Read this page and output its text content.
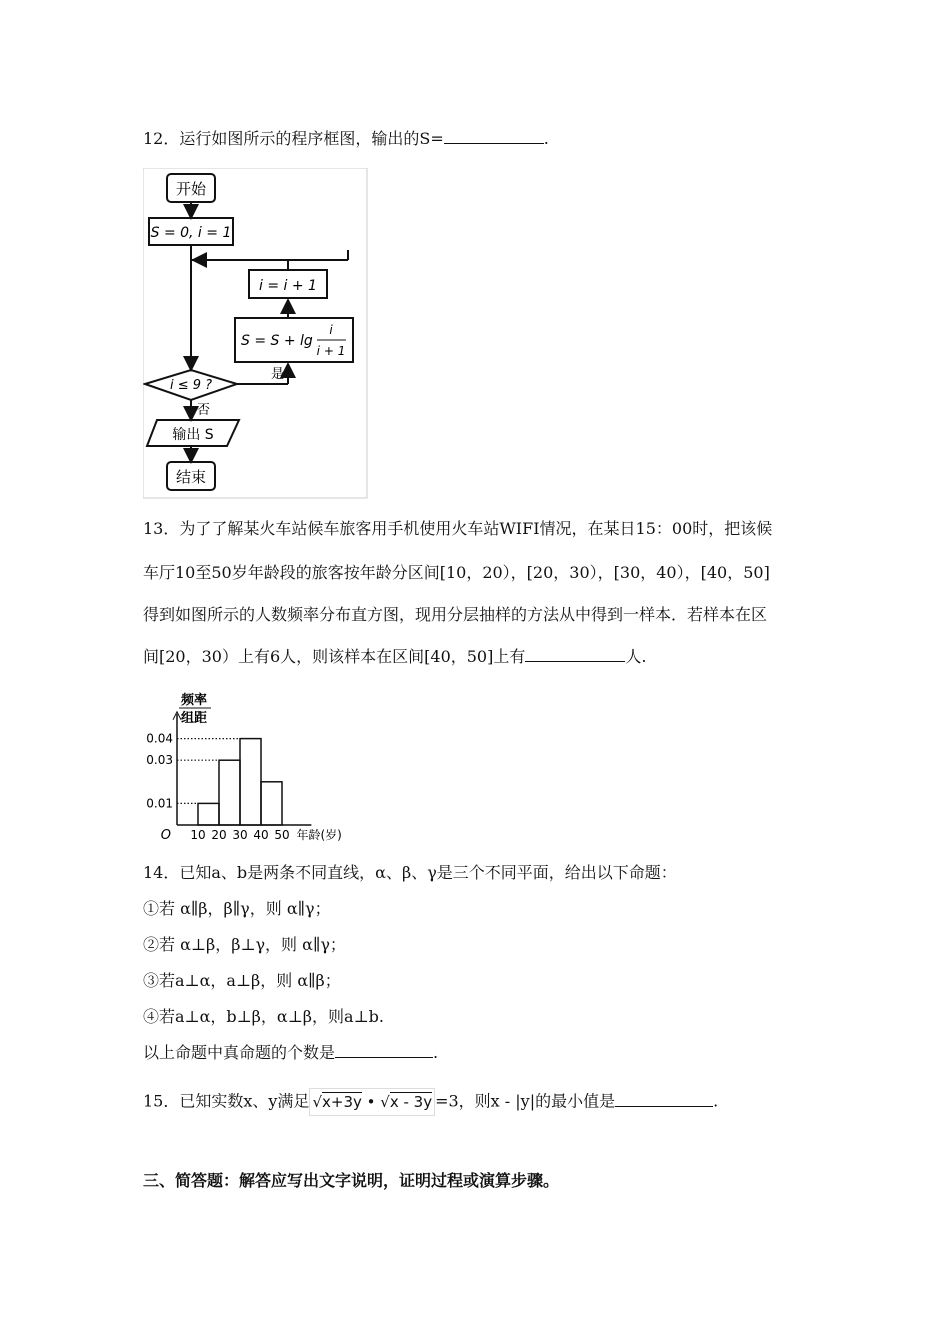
12．运行如图所示的程序框图，输出的S=	.
开始
S = 0, i = 1
i = i + 1
S = S + lg
i
i + 1
i ≤ 9 ?
是
否
输出 S
结束
13．为了了解某火车站候车旅客用手机使用火车站WIFI情况，在某日15：00时，把该候
车厅10至50岁年龄段的旅客按年龄分区间[10，20），[20，30），[30，40），[40，50]
得到如图所示的人数频率分布直方图，现用分层抽样的方法从中得到一样本．若样本在区
间[20，30）上有6人，则该样本在区间[40，50]上有	人.
频率
组距
0.01
0.03
0.04
O 10 20 30 40 50 年龄(岁)
14．已知a、b是两条不同直线，α、β、γ是三个不同平面，给出以下命题：
①若 α∥β，β∥γ，则 α∥γ；
②若 α⊥β，β⊥γ，则 α∥γ；
③若a⊥α，a⊥β，则 α∥β；
④若a⊥α，b⊥β，α⊥β，则a⊥b.
以上命题中真命题的个数是	.
15．已知实数x、y满足 √x+3y • √x - 3y =3，则x - |y|的最小值是	.
三、简答题：解答应写出文字说明，证明过程或演算步骤。
